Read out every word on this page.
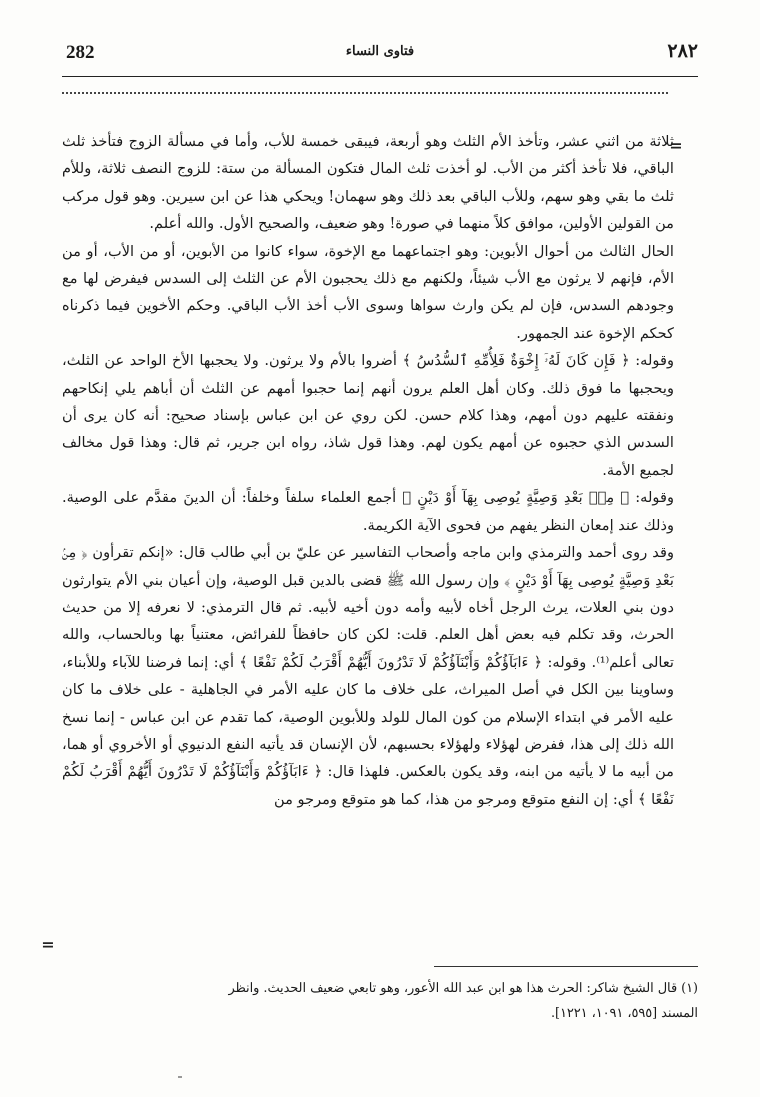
282	فتاوى النساء	٢٨٢
=

ثلاثة من اثني عشر، وتأخذ الأم الثلث وهو أربعة، فيبقى خمسة للأب، وأما في مسألة الزوج فتأخذ ثلث الباقي، فلا تأخذ أكثر من الأب. لو أخذت ثلث المال فتكون المسألة من ستة: للزوج النصف ثلاثة، وللأم ثلث ما بقي وهو سهم، وللأب الباقي بعد ذلك وهو سهمان! ويحكي هذا عن ابن سيرين. وهو قول مركب من القولين الأولين، موافق كلاً منهما في صورة! وهو ضعيف، والصحيح الأول. والله أعلم.

الحال الثالث من أحوال الأبوين: وهو اجتماعهما مع الإخوة، سواء كانوا من الأبوين، أو من الأب، أو من الأم، فإنهم لا يرثون مع الأب شيئاً، ولكنهم مع ذلك يحجبون الأم عن الثلث إلى السدس فيفرض لها مع وجودهم السدس، فإن لم يكن وارث سواها وسوى الأب أخذ الأب الباقي. وحكم الأخوين فيما ذكرناه كحكم الإخوة عند الجمهور.

وقوله: ﴿ فَإِن كَانَ لَهُۥٓ إِخْوَةٌ فَلِأُمِّهِ ٱلسُّدُسُ ﴾ أضروا بالأم ولا يرثون. ولا يحجبها الأخ الواحد عن الثلث، ويحجبها ما فوق ذلك. وكان أهل العلم يرون أنهم إنما حجبوا أمهم عن الثلث أن أباهم يلي إنكاحهم ونفقته عليهم دون أمهم، وهذا كلام حسن. لكن روي عن ابن عباس بإسناد صحيح: أنه كان يرى أن السدس الذي حجبوه عن أمهم يكون لهم. وهذا قول شاذ، رواه ابن جرير، ثم قال: وهذا قول مخالف لجميع الأمة.

وقوله: ﴿ مِنۢ بَعْدِ وَصِيَّةٍ يُوصِى بِهَآ أَوْ دَيْنٍ ﴾ أجمع العلماء سلفاً وخلفاً: أن الدينَ مقدَّم على الوصية. وذلك عند إمعان النظر يفهم من فحوى الآية الكريمة.

وقد روى أحمد والترمذي وابن ماجه وأصحاب التفاسير عن عليّ بن أبي طالب قال: «إنكم تقرأون ﴿ مِنۢ بَعْدِ وَصِيَّةٍ يُوصِى بِهَآ أَوْ دَيْنٍ ﴾ وإن رسول الله ﷺ قضى بالدين قبل الوصية، وإن أعيان بني الأم يتوارثون دون بني العلات، يرث الرجل أخاه لأبيه وأمه دون أخيه لأبيه. ثم قال الترمذي: لا نعرفه إلا من حديث الحرث، وقد تكلم فيه بعض أهل العلم. قلت: لكن كان حافظاً للفرائض، معتنياً بها وبالحساب، والله تعالى أعلم⁽¹⁾. وقوله: ﴿ ءَابَآؤُكُمْ وَأَبْنَآؤُكُمْ لَا تَدْرُونَ أَيُّهُمْ أَقْرَبُ لَكُمْ نَفْعًا ﴾ أي: إنما فرضنا للآباء وللأبناء، وساوينا بين الكل في أصل الميراث، على خلاف ما كان عليه الأمر في الجاهلية - على خلاف ما كان عليه الأمر في ابتداء الإسلام من كون المال للولد وللأبوين الوصية، كما تقدم عن ابن عباس - إنما نسخ الله ذلك إلى هذا، ففرض لهؤلاء ولهؤلاء بحسبهم، لأن الإنسان قد يأتيه النفع الدنيوي أو الأخروي أو هما، من أبيه ما لا يأتيه من ابنه، وقد يكون بالعكس. فلهذا قال: ﴿ ءَابَآؤُكُمْ وَأَبْنَآؤُكُمْ لَا تَدْرُونَ أَيُّهُمْ أَقْرَبُ لَكُمْ نَفْعًا ﴾ أي: إن النفع متوقع ومرجو من هذا، كما هو متوقع ومرجو من

=

(١) قال الشيخ شاكر: الحرث هذا هو ابن عبد الله الأعور، وهو تابعي ضعيف الحديث. وانظر

المسند [٥٩٥، ١٠٩١، ١٢٢١].
